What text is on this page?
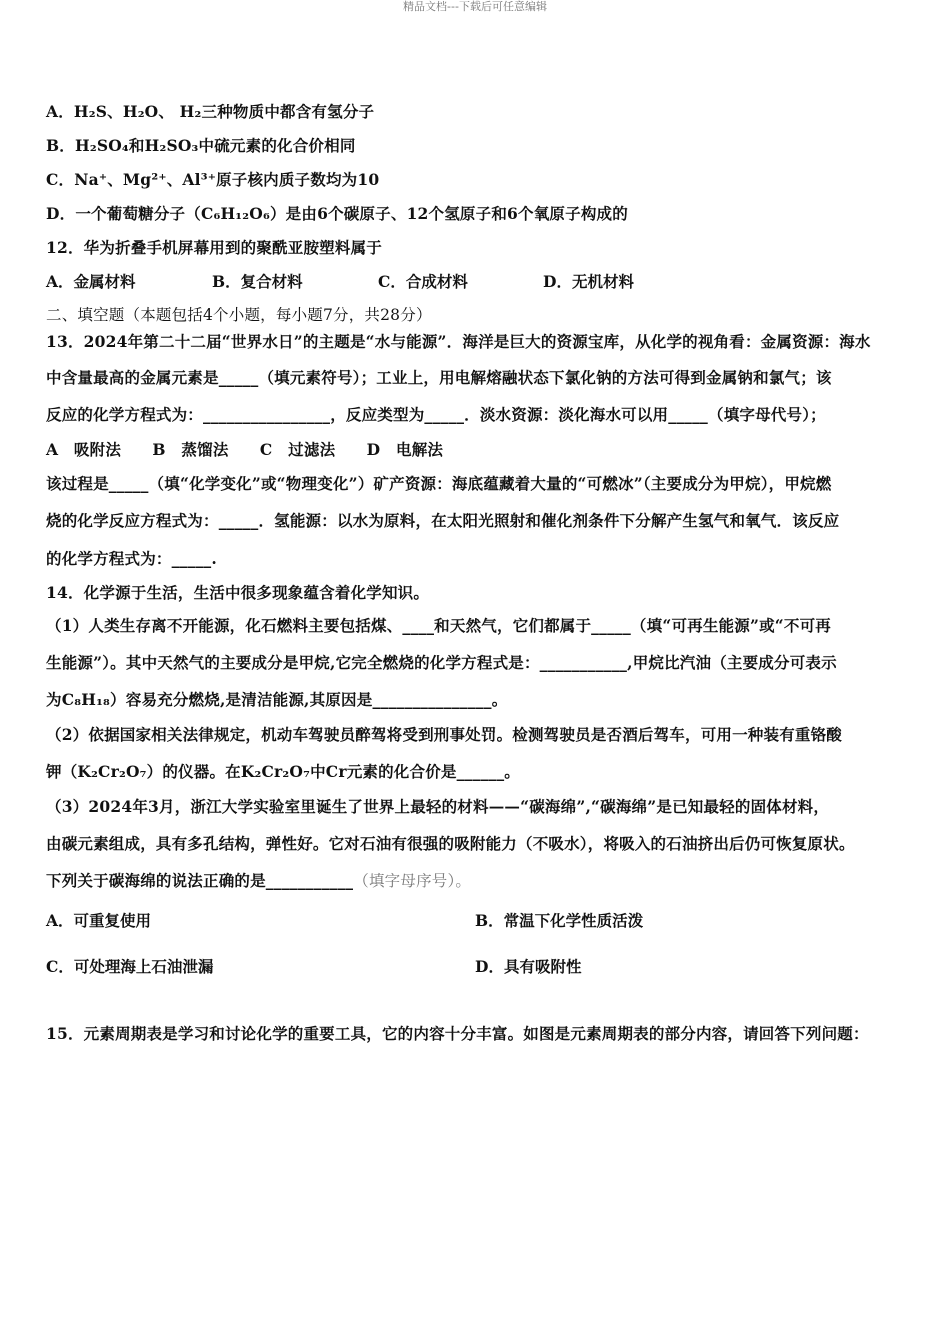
精品文档---下载后可任意编辑
A．H₂S、H₂O、 H₂三种物质中都含有氢分子
B．H₂SO₄和H₂SO₃中硫元素的化合价相同
C．Na⁺、Mg²⁺、Al³⁺原子核内质子数均为10
D．一个葡萄糖分子（C₆H₁₂O₆）是由6个碳原子、12个氢原子和6个氧原子构成的
12．华为折叠手机屏幕用到的聚酰亚胺塑料属于
A．金属材料	B．复合材料	C．合成材料	D．无机材料
二、填空题（本题包括4个小题，每小题7分，共28分）
13．2024年第二十二届“世界水日”的主题是“水与能源”．海洋是巨大的资源宝库，从化学的视角看：金属资源：海水
中含量最高的金属元素是_____（填元素符号）；工业上，用电解熔融状态下氯化钠的方法可得到金属钠和氯气；该
反应的化学方程式为：________________，反应类型为_____．淡水资源：淡化海水可以用_____（填字母代号）；
A　吸附法　　B　蒸馏法　　C　过滤法　　D　电解法
该过程是_____（填“化学变化”或“物理变化”）矿产资源：海底蕴藏着大量的“可燃冰”（主要成分为甲烷），甲烷燃
烧的化学反应方程式为：_____．氢能源：以水为原料，在太阳光照射和催化剂条件下分解产生氢气和氧气．该反应
的化学方程式为：_____.
14．化学源于生活，生活中很多现象蕴含着化学知识。
（1）人类生存离不开能源，化石燃料主要包括煤、____和天然气，它们都属于_____（填“可再生能源”或“不可再
生能源”）。其中天然气的主要成分是甲烷,它完全燃烧的化学方程式是：___________,甲烷比汽油（主要成分可表示
为C₈H₁₈）容易充分燃烧,是清洁能源,其原因是_______________。
（2）依据国家相关法律规定，机动车驾驶员醉驾将受到刑事处罚。检测驾驶员是否酒后驾车，可用一种装有重铬酸
钾（K₂Cr₂O₇）的仪器。在K₂Cr₂O₇中Cr元素的化合价是______。
（3）2024年3月，浙江大学实验室里诞生了世界上最轻的材料——“碳海绵”,“碳海绵”是已知最轻的固体材料，
由碳元素组成，具有多孔结构，弹性好。它对石油有很强的吸附能力（不吸水），将吸入的石油挤出后仍可恢复原状。
下列关于碳海绵的说法正确的是___________（填字母序号）。
A．可重复使用	B．常温下化学性质活泼
C．可处理海上石油泄漏	D．具有吸附性
15．元素周期表是学习和讨论化学的重要工具，它的内容十分丰富。如图是元素周期表的部分内容，请回答下列问题：
